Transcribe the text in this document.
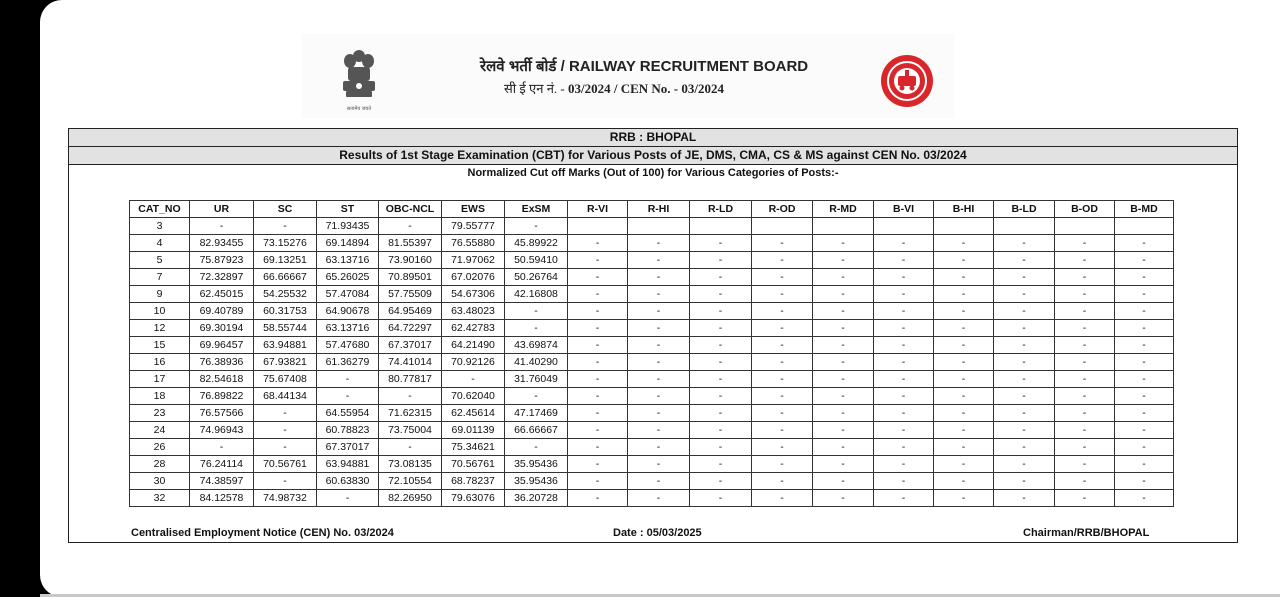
सत्यमेव जयते
रेलवे भर्ती बोर्ड / RAILWAY RECRUITMENT BOARD
सी ई एन नं. - 03/2024 / CEN No. - 03/2024
RRB : BHOPAL
Results of 1st Stage Examination (CBT) for Various Posts of JE, DMS, CMA, CS & MS against CEN No. 03/2024
Normalized Cut off Marks (Out of 100) for Various Categories of Posts:-
CAT_NO	UR	SC	ST	OBC-NCL	EWS	ExSM	R-VI	R-HI	R-LD	R-OD	R-MD	B-VI	B-HI	B-LD	B-OD	B-MD
3	-	-	71.93435	-	79.55777	-										
4	82.93455	73.15276	69.14894	81.55397	76.55880	45.89922	-	-	-	-	-	-	-	-	-	-
5	75.87923	69.13251	63.13716	73.90160	71.97062	50.59410	-	-	-	-	-	-	-	-	-	-
7	72.32897	66.66667	65.26025	70.89501	67.02076	50.26764	-	-	-	-	-	-	-	-	-	-
9	62.45015	54.25532	57.47084	57.75509	54.67306	42.16808	-	-	-	-	-	-	-	-	-	-
10	69.40789	60.31753	64.90678	64.95469	63.48023	-	-	-	-	-	-	-	-	-	-	-
12	69.30194	58.55744	63.13716	64.72297	62.42783	-	-	-	-	-	-	-	-	-	-	-
15	69.96457	63.94881	57.47680	67.37017	64.21490	43.69874	-	-	-	-	-	-	-	-	-	-
16	76.38936	67.93821	61.36279	74.41014	70.92126	41.40290	-	-	-	-	-	-	-	-	-	-
17	82.54618	75.67408	-	80.77817	-	31.76049	-	-	-	-	-	-	-	-	-	-
18	76.89822	68.44134	-	-	70.62040	-	-	-	-	-	-	-	-	-	-	-
23	76.57566	-	64.55954	71.62315	62.45614	47.17469	-	-	-	-	-	-	-	-	-	-
24	74.96943	-	60.78823	73.75004	69.01139	66.66667	-	-	-	-	-	-	-	-	-	-
26	-	-	67.37017	-	75.34621	-	-	-	-	-	-	-	-	-	-	-
28	76.24114	70.56761	63.94881	73.08135	70.56761	35.95436	-	-	-	-	-	-	-	-	-	-
30	74.38597	-	60.63830	72.10554	68.78237	35.95436	-	-	-	-	-	-	-	-	-	-
32	84.12578	74.98732	-	82.26950	79.63076	36.20728	-	-	-	-	-	-	-	-	-	-
Centralised Employment Notice (CEN) No. 03/2024	Date : 05/03/2025	Chairman/RRB/BHOPAL
